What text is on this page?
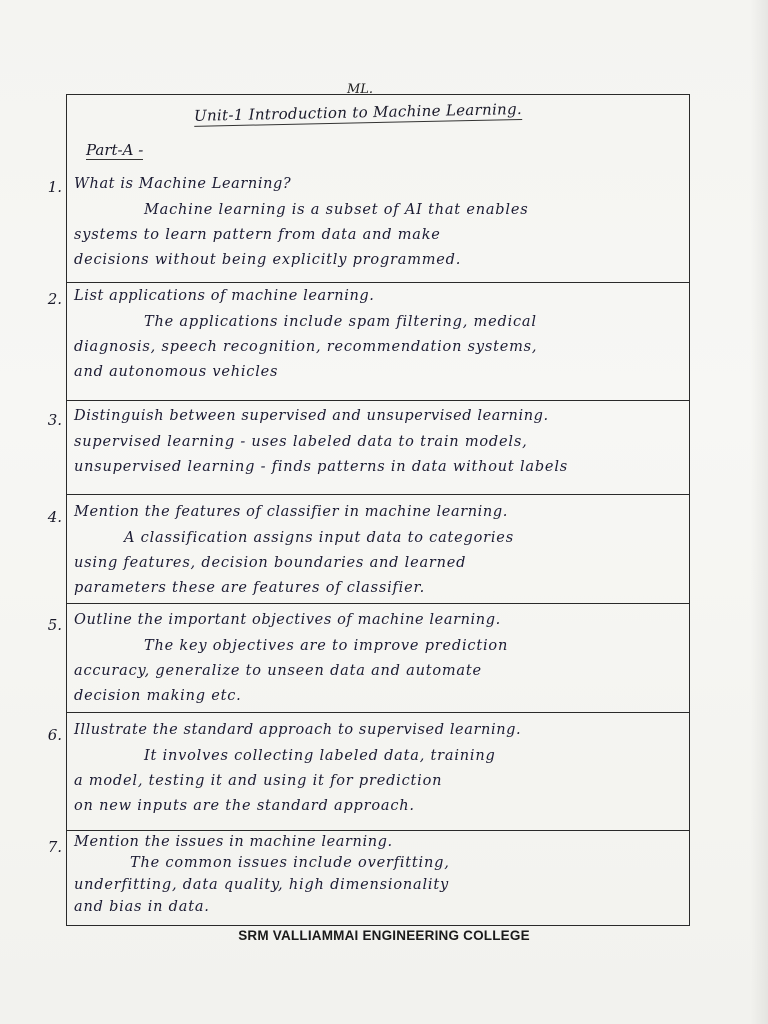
ML.
Unit-1 Introduction to Machine Learning.
Part-A -
1. What is Machine Learning?
Machine learning is a subset of AI that enables
systems to learn pattern from data and make
decisions without being explicitly programmed.
2. List applications of machine learning.
The applications include spam filtering, medical
diagnosis, speech recognition, recommendation systems,
and autonomous vehicles
3. Distinguish between supervised and unsupervised learning.
supervised learning - uses labeled data to train models,
unsupervised learning - finds patterns in data without labels
4. Mention the features of classifier in machine learning.
A classification assigns input data to categories
using features, decision boundaries and learned
parameters these are features of classifier.
5. Outline the important objectives of machine learning.
The key objectives are to improve prediction
accuracy, generalize to unseen data and automate
decision making etc.
6. Illustrate the standard approach to supervised learning.
It involves collecting labeled data, training
a model, testing it and using it for prediction
on new inputs are the standard approach.
7. Mention the issues in machine learning.
The common issues include overfitting,
underfitting, data quality, high dimensionality
and bias in data.
SRM VALLIAMMAI ENGINEERING COLLEGE
